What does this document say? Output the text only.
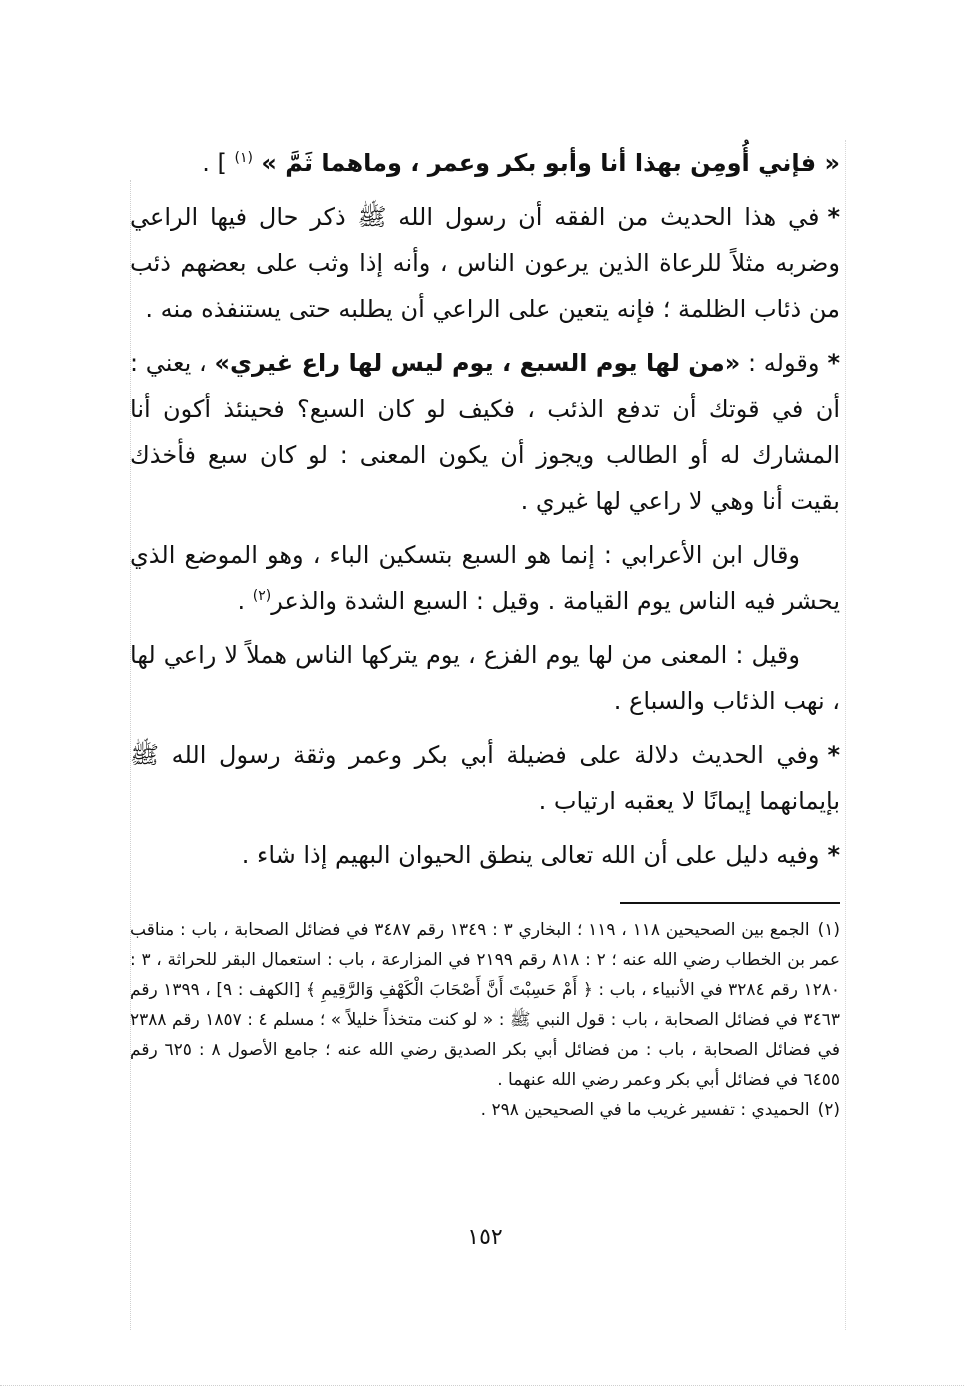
« فإني أُومِن بهذا أنا وأبو بكر وعمر ، وماهما ثَمَّ » $^{(١)}$ ] .

*في هذا الحديث من الفقه أن رسول الله ﷺ ذكر حال فيها الراعي وضربه مثلاً للرعاة الذين يرعون الناس ، وأنه إذا وثب على بعضهم ذئب من ذئاب الظلمة ؛ فإنه يتعين على الراعي أن يطلبه حتى يستنفذه منه .

*وقوله : «من لها يوم السبع ، يوم ليس لها راع غيري» ، يعني : أن في قوتك أن تدفع الذئب ، فكيف لو كان السبع؟ فحينئذ أكون أنا المشارك له أو الطالب ويجوز أن يكون المعنى : لو كان سبع فأخذك بقيت أنا وهي لا راعي لها غيري .

وقال ابن الأعرابي : إنما هو السبع بتسكين الباء ، وهو الموضع الذي يحشر فيه الناس يوم القيامة . وقيل : السبع الشدة والذعر$^{(٢)}$ .

وقيل : المعنى من لها يوم الفزع ، يوم يتركها الناس هملاً لا راعي لها ، نهب الذئاب والسباع .

*وفي الحديث دلالة على فضيلة أبي بكر وعمر وثقة رسول الله ﷺ بإيمانهما إيمانًا لا يعقبه ارتياب .

*وفيه دليل على أن الله تعالى ينطق الحيوان البهيم إذا شاء .

(١)الجمع بين الصحيحين ١١٨ ، ١١٩ ؛ البخاري ٣ : ١٣٤٩ رقم ٣٤٨٧ في فضائل الصحابة ، باب : مناقب عمر بن الخطاب رضي الله عنه ؛ ٢ : ٨١٨ رقم ٢١٩٩ في المزارعة ، باب : استعمال البقر للحراثة ، ٣ : ١٢٨٠ رقم ٣٢٨٤ في الأنبياء ، باب : ﴿ أَمْ حَسِبْتَ أَنَّ أَصْحَابَ الْكَهْفِ وَالرَّقِيمِ ﴾ [الكهف : ٩] ، ١٣٩٩ رقم ٣٤٦٣ في فضائل الصحابة ، باب : قول النبي ﷺ : « لو كنت متخذاً خليلاً » ؛ مسلم ٤ : ١٨٥٧ رقم ٢٣٨٨ في فضائل الصحابة ، باب : من فضائل أبي بكر الصديق رضي الله عنه ؛ جامع الأصول ٨ : ٦٢٥ رقم ٦٤٥٥ في فضائل أبي بكر وعمر رضي الله عنهما .

(٢)الحميدي : تفسير غريب ما في الصحيحين ٢٩٨ .

١٥٢
